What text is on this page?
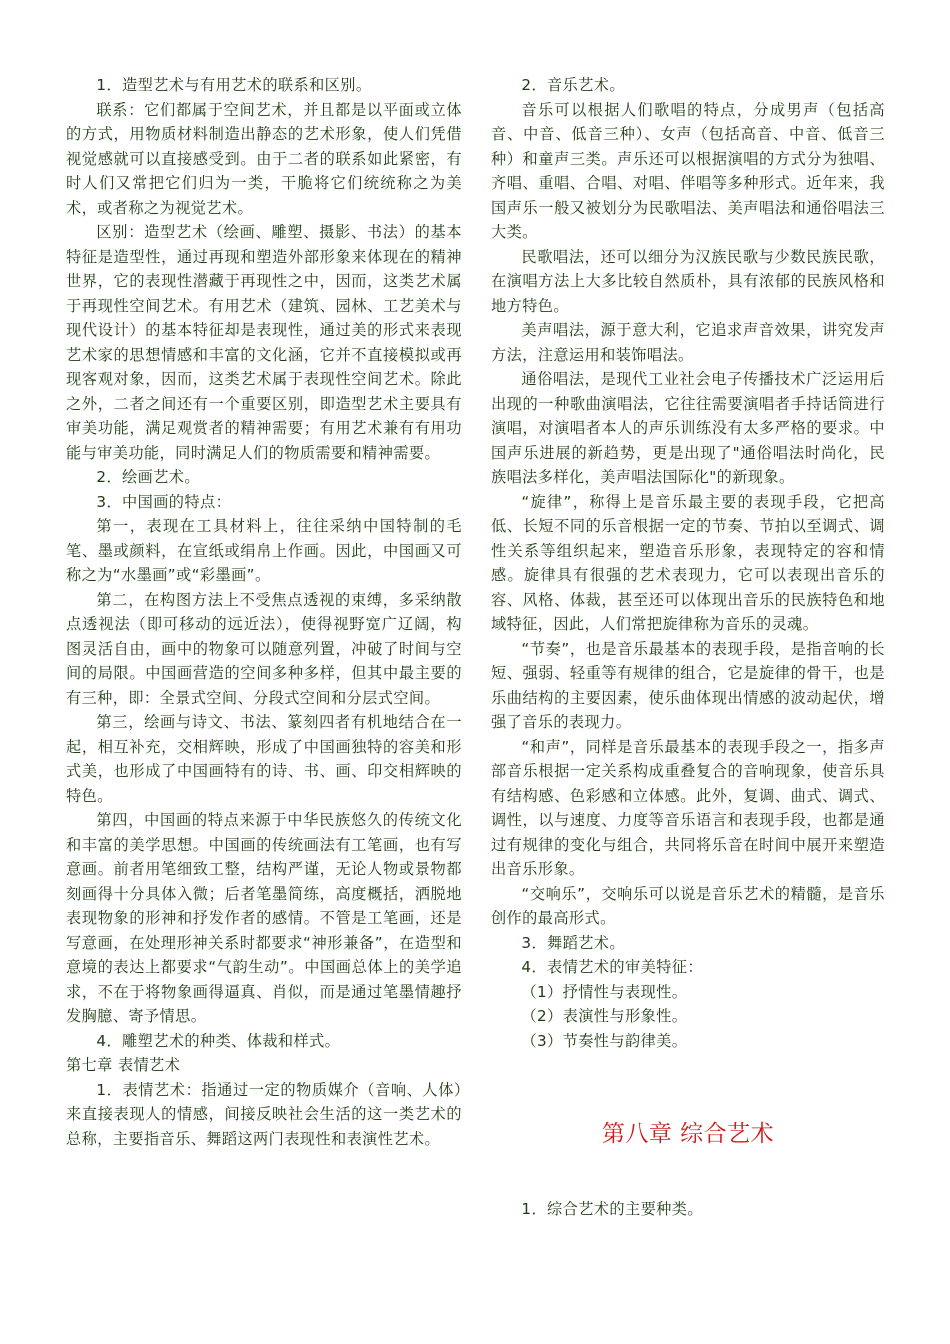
1．造型艺术与有用艺术的联系和区别。

联系：它们都属于空间艺术，并且都是以平面或立体的方式，用物质材料制造出静态的艺术形象，使人们凭借视觉感就可以直接感受到。由于二者的联系如此紧密，有时人们又常把它们归为一类，干脆将它们统统称之为美术，或者称之为视觉艺术。

区别：造型艺术（绘画、雕塑、摄影、书法）的基本特征是造型性，通过再现和塑造外部形象来体现在的精神世界，它的表现性潜藏于再现性之中，因而，这类艺术属于再现性空间艺术。有用艺术（建筑、园林、工艺美术与现代设计）的基本特征却是表现性，通过美的形式来表现艺术家的思想情感和丰富的文化涵，它并不直接模拟或再现客观对象，因而，这类艺术属于表现性空间艺术。除此之外，二者之间还有一个重要区别，即造型艺术主要具有审美功能，满足观赏者的精神需要；有用艺术兼有有用功能与审美功能，同时满足人们的物质需要和精神需要。

2．绘画艺术。

3．中国画的特点：

第一，表现在工具材料上，往往采纳中国特制的毛笔、墨或颜料，在宣纸或绢帛上作画。因此，中国画又可称之为“水墨画”或“彩墨画”。

第二，在构图方法上不受焦点透视的束缚，多采纳散点透视法（即可移动的远近法），使得视野宽广辽阔，构图灵活自由，画中的物象可以随意列置，冲破了时间与空间的局限。中国画营造的空间多种多样，但其中最主要的有三种，即：全景式空间、分段式空间和分层式空间。

第三，绘画与诗文、书法、篆刻四者有机地结合在一起，相互补充，交相辉映，形成了中国画独特的容美和形式美，也形成了中国画特有的诗、书、画、印交相辉映的特色。

第四，中国画的特点来源于中华民族悠久的传统文化和丰富的美学思想。中国画的传统画法有工笔画，也有写意画。前者用笔细致工整，结构严谨，无论人物或景物都刻画得十分具体入微；后者笔墨简练，高度概括，洒脱地表现物象的形神和抒发作者的感情。不管是工笔画，还是写意画，在处理形神关系时都要求“神形兼备”，在造型和意境的表达上都要求“气韵生动”。中国画总体上的美学追求，不在于将物象画得逼真、肖似，而是通过笔墨情趣抒发胸臆、寄予情思。

4．雕塑艺术的种类、体裁和样式。

第七章 表情艺术

1．表情艺术：指通过一定的物质媒介（音响、人体）来直接表现人的情感，间接反映社会生活的这一类艺术的总称，主要指音乐、舞蹈这两门表现性和表演性艺术。

2．音乐艺术。

音乐可以根据人们歌唱的特点，分成男声（包括高音、中音、低音三种）、女声（包括高音、中音、低音三种）和童声三类。声乐还可以根据演唱的方式分为独唱、齐唱、重唱、合唱、对唱、伴唱等多种形式。近年来，我国声乐一般又被划分为民歌唱法、美声唱法和通俗唱法三大类。

民歌唱法，还可以细分为汉族民歌与少数民族民歌，在演唱方法上大多比较自然质朴，具有浓郁的民族风格和地方特色。

美声唱法，源于意大利，它追求声音效果，讲究发声方法，注意运用和装饰唱法。

通俗唱法，是现代工业社会电子传播技术广泛运用后出现的一种歌曲演唱法，它往往需要演唱者手持话筒进行演唱，对演唱者本人的声乐训练没有太多严格的要求。中国声乐进展的新趋势，更是出现了"通俗唱法时尚化，民族唱法多样化，美声唱法国际化"的新现象。

“旋律”，称得上是音乐最主要的表现手段，它把高低、长短不同的乐音根据一定的节奏、节拍以至调式、调性关系等组织起来，塑造音乐形象，表现特定的容和情感。旋律具有很强的艺术表现力，它可以表现出音乐的容、风格、体裁，甚至还可以体现出音乐的民族特色和地域特征，因此，人们常把旋律称为音乐的灵魂。

“节奏”，也是音乐最基本的表现手段，是指音响的长短、强弱、轻重等有规律的组合，它是旋律的骨干，也是乐曲结构的主要因素，使乐曲体现出情感的波动起伏，增强了音乐的表现力。

“和声”，同样是音乐最基本的表现手段之一，指多声部音乐根据一定关系构成重叠复合的音响现象，使音乐具有结构感、色彩感和立体感。此外，复调、曲式、调式、调性，以与速度、力度等音乐语言和表现手段，也都是通过有规律的变化与组合，共同将乐音在时间中展开来塑造出音乐形象。

“交响乐”，交响乐可以说是音乐艺术的精髓，是音乐创作的最高形式。

3．舞蹈艺术。

4．表情艺术的审美特征：

（1）抒情性与表现性。

（2）表演性与形象性。

（3）节奏性与韵律美。

第八章 综合艺术

1．综合艺术的主要种类。
